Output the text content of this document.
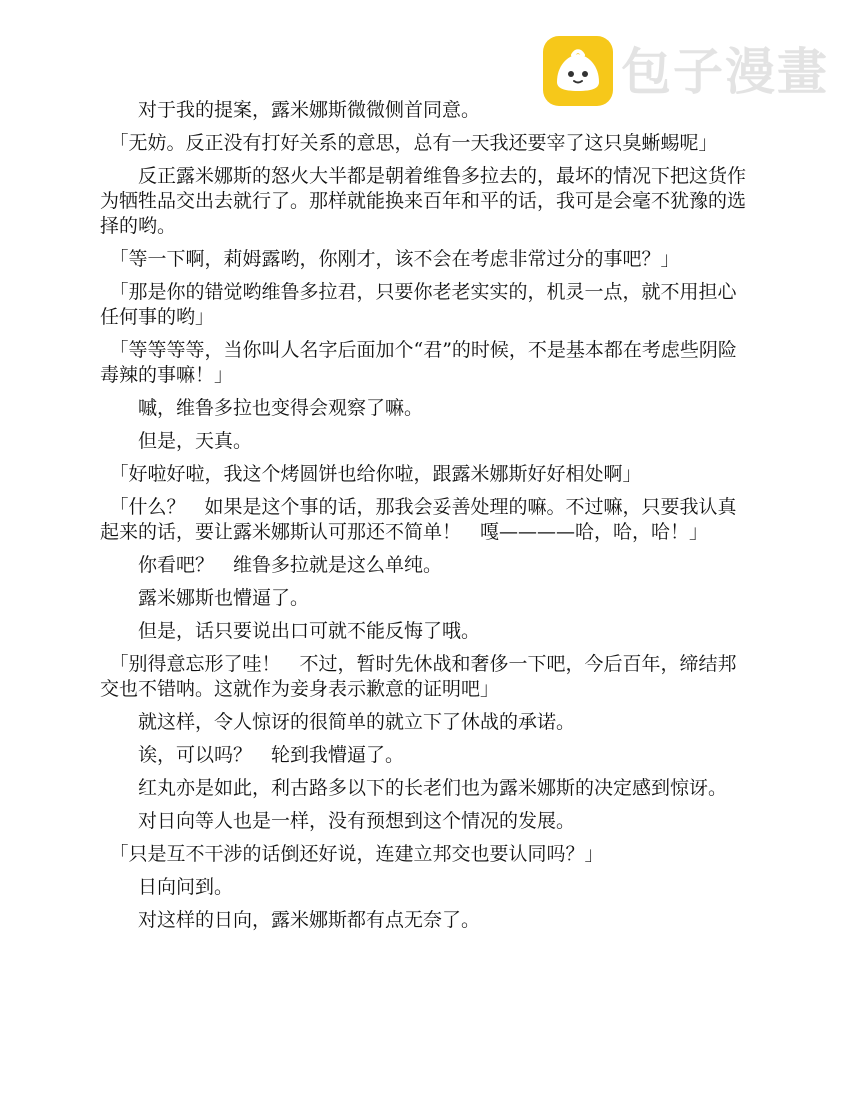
包子漫畫

　　对于我的提案，露米娜斯微微侧首同意。

　「无妨。反正没有打好关系的意思，总有一天我还要宰了这只臭蜥蜴呢」

　　反正露米娜斯的怒火大半都是朝着维鲁多拉去的，最坏的情况下把这货作为牺牲品交出去就行了。那样就能换来百年和平的话，我可是会毫不犹豫的选择的哟。

　「等一下啊，莉姆露哟，你刚才，该不会在考虑非常过分的事吧？」

　「那是你的错觉哟维鲁多拉君，只要你老老实实的，机灵一点，就不用担心任何事的哟」

　「等等等等，当你叫人名字后面加个“君”的时候，不是基本都在考虑些阴险毒辣的事嘛！」

　　嘁，维鲁多拉也变得会观察了嘛。

　　但是，天真。

　「好啦好啦，我这个烤圆饼也给你啦，跟露米娜斯好好相处啊」

　「什么？　如果是这个事的话，那我会妥善处理的嘛。不过嘛，只要我认真起来的话，要让露米娜斯认可那还不简单！　嘎————哈，哈，哈！」

　　你看吧？　维鲁多拉就是这么单纯。

　　露米娜斯也懵逼了。

　　但是，话只要说出口可就不能反悔了哦。

　「别得意忘形了哇！　不过，暂时先休战和奢侈一下吧，今后百年，缔结邦交也不错呐。这就作为妾身表示歉意的证明吧」

　　就这样，令人惊讶的很简单的就立下了休战的承诺。

　　诶，可以吗？　轮到我懵逼了。

　　红丸亦是如此，利古路多以下的长老们也为露米娜斯的决定感到惊讶。

　　对日向等人也是一样，没有预想到这个情况的发展。

　「只是互不干涉的话倒还好说，连建立邦交也要认同吗？」

　　日向问到。

　　对这样的日向，露米娜斯都有点无奈了。
